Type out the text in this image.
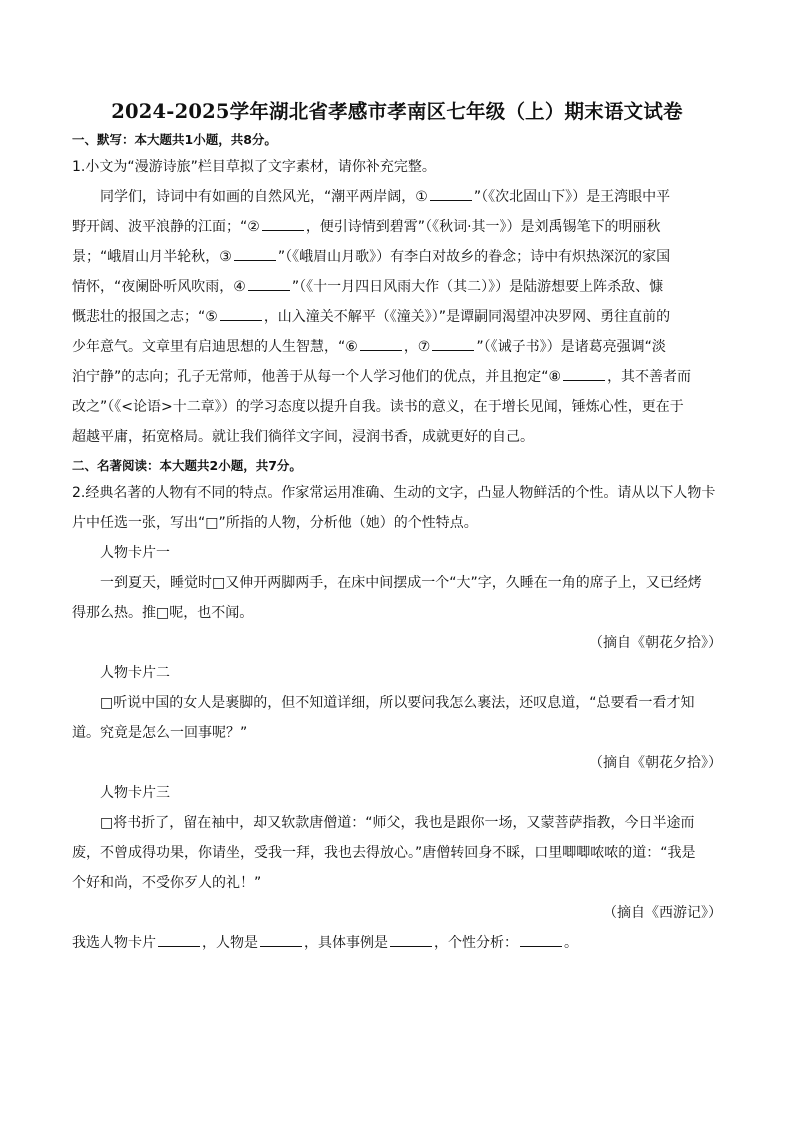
2024-2025学年湖北省孝感市孝南区七年级（上）期末语文试卷
一、默写：本大题共1小题，共8分。
1.小文为“漫游诗旅”栏目草拟了文字素材，请你补充完整。
同学们，诗词中有如画的自然风光，“潮平两岸阔，①	”（《次北固山下》）是王湾眼中平
野开阔、波平浪静的江面；“②	，便引诗情到碧霄”（《秋词·其一》）是刘禹锡笔下的明丽秋
景；“峨眉山月半轮秋，③	”（《峨眉山月歌》）有李白对故乡的眷念；诗中有炽热深沉的家国
情怀，“夜阑卧听风吹雨，④	”（《十一月四日风雨大作（其二）》）是陆游想要上阵杀敌、慷
慨悲壮的报国之志；“⑤	，山入潼关不解平（《潼关》）”是谭嗣同渴望冲决罗网、勇往直前的
少年意气。文章里有启迪思想的人生智慧，“⑥	，⑦	”（《诫子书》）是诸葛亮强调“淡
泊宁静”的志向；孔子无常师，他善于从每一个人学习他们的优点，并且抱定“⑧	，其不善者而
改之”（《<论语>十二章》）的学习态度以提升自我。读书的意义，在于增长见闻，锤炼心性，更在于
超越平庸，拓宽格局。就让我们徜徉文字间，浸润书香，成就更好的自己。
二、名著阅读：本大题共2小题，共7分。
2.经典名著的人物有不同的特点。作家常运用准确、生动的文字，凸显人物鲜活的个性。请从以下人物卡
片中任选一张，写出“□”所指的人物，分析他（她）的个性特点。
人物卡片一
一到夏天，睡觉时□又伸开两脚两手，在床中间摆成一个“大”字，久睡在一角的席子上，又已经烤
得那么热。推□呢，也不闻。
（摘自《朝花夕拾》）
人物卡片二
□听说中国的女人是裹脚的，但不知道详细，所以要问我怎么裹法，还叹息道，“总要看一看才知
道。究竟是怎么一回事呢？”
（摘自《朝花夕拾》）
人物卡片三
□将书折了，留在袖中，却又软款唐僧道：“师父，我也是跟你一场，又蒙菩萨指教，今日半途而
废，不曾成得功果，你请坐，受我一拜，我也去得放心。”唐僧转回身不睬，口里唧唧哝哝的道：“我是
个好和尚，不受你歹人的礼！”
（摘自《西游记》）
我选人物卡片	，人物是	，具体事例是	，个性分析：	。
